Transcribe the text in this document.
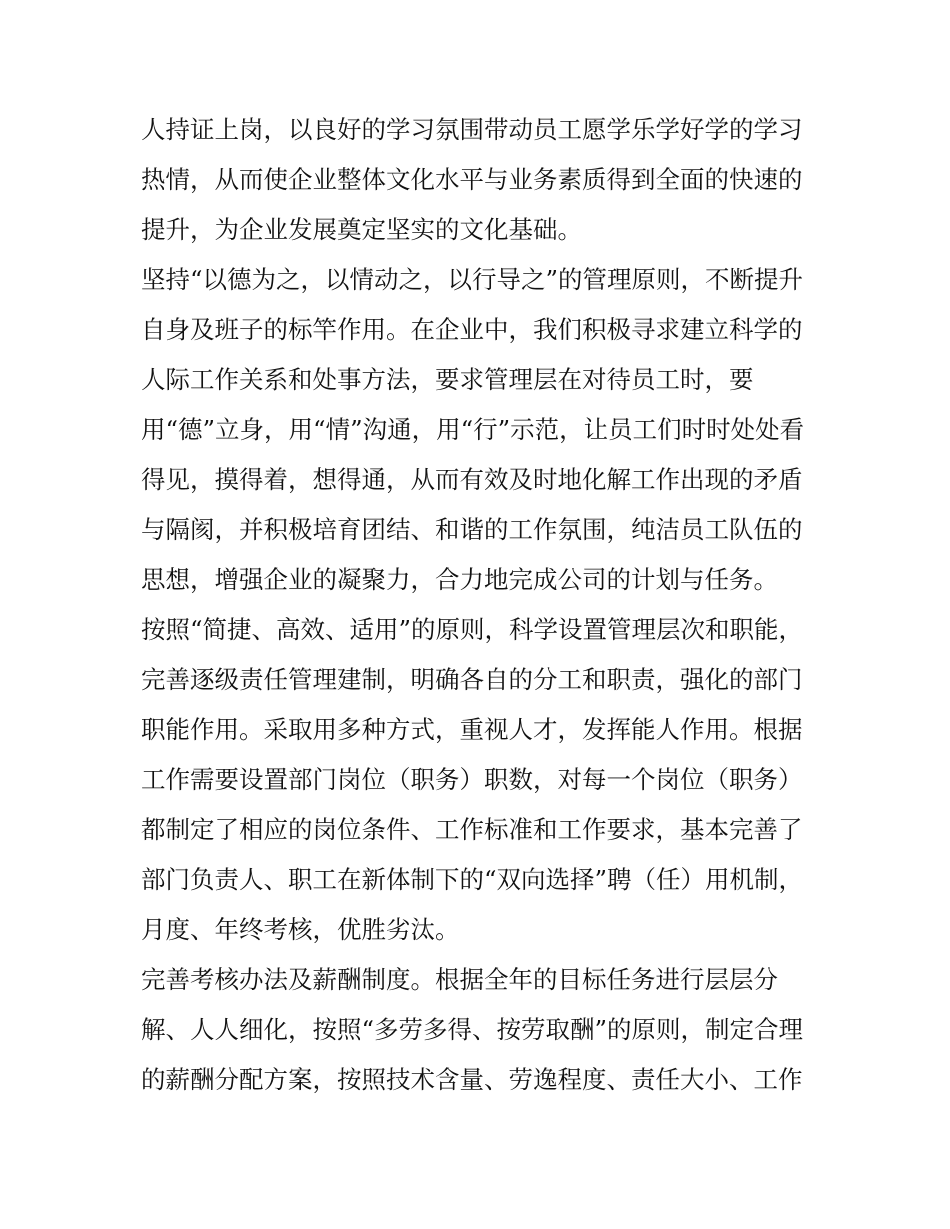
人持证上岗，以良好的学习氛围带动员工愿学乐学好学的学习
热情，从而使企业整体文化水平与业务素质得到全面的快速的
提升，为企业发展奠定坚实的文化基础。
坚持“以德为之，以情动之，以行导之”的管理原则，不断提升
自身及班子的标竿作用。在企业中，我们积极寻求建立科学的
人际工作关系和处事方法，要求管理层在对待员工时，要
用“德”立身，用“情”沟通，用“行”示范，让员工们时时处处看
得见，摸得着，想得通，从而有效及时地化解工作出现的矛盾
与隔阂，并积极培育团结、和谐的工作氛围，纯洁员工队伍的
思想，增强企业的凝聚力，合力地完成公司的计划与任务。
按照“简捷、高效、适用”的原则，科学设置管理层次和职能，
完善逐级责任管理建制，明确各自的分工和职责，强化的部门
职能作用。采取用多种方式，重视人才，发挥能人作用。根据
工作需要设置部门岗位（职务）职数，对每一个岗位（职务）
都制定了相应的岗位条件、工作标准和工作要求，基本完善了
部门负责人、职工在新体制下的“双向选择”聘（任）用机制，
月度、年终考核，优胜劣汰。
完善考核办法及薪酬制度。根据全年的目标任务进行层层分
解、人人细化，按照“多劳多得、按劳取酬”的原则，制定合理
的薪酬分配方案，按照技术含量、劳逸程度、责任大小、工作
